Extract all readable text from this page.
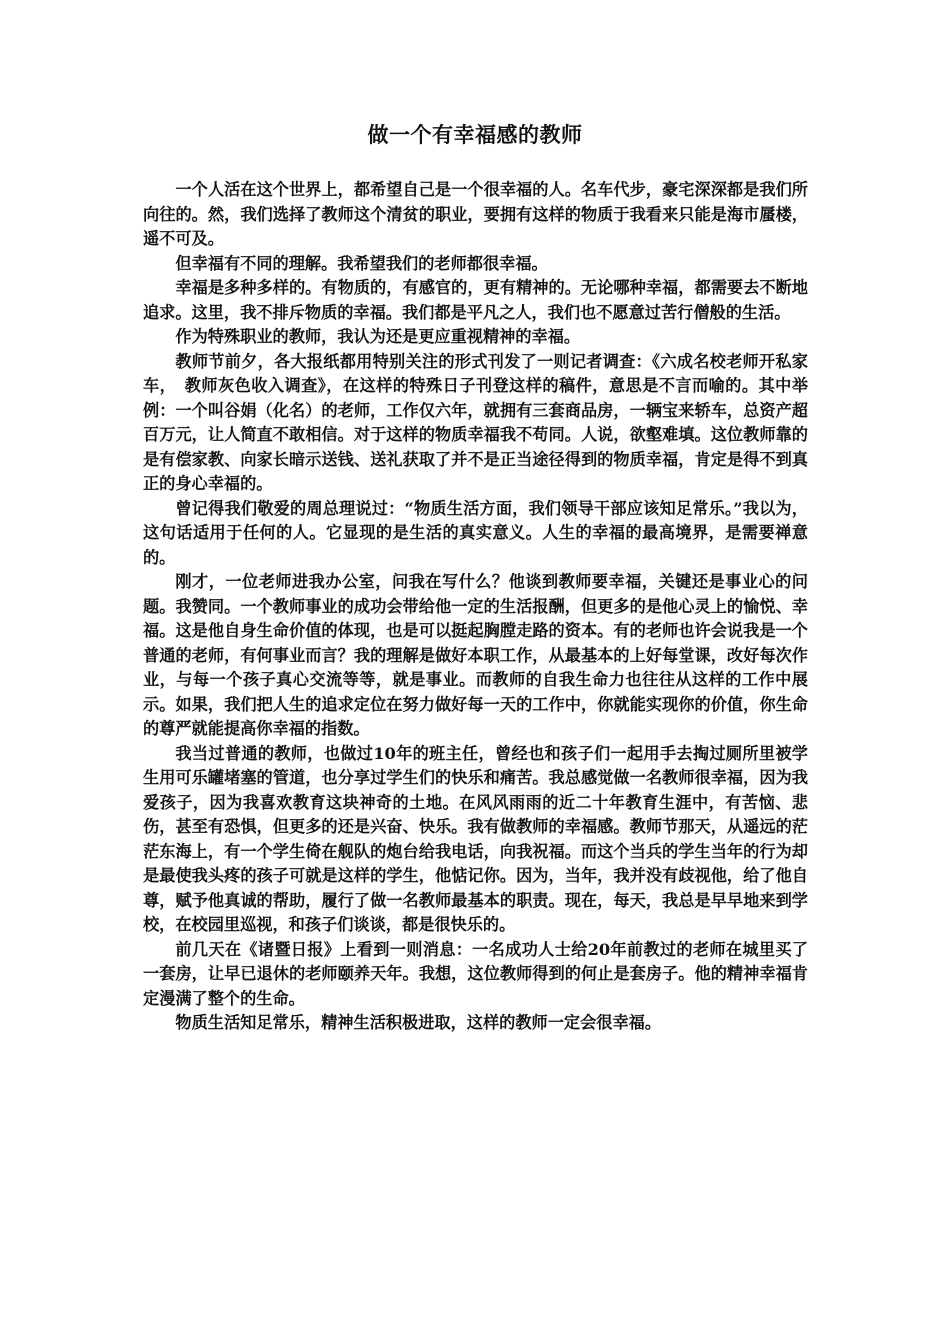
做一个有幸福感的教师

一个人活在这个世界上，都希望自己是一个很幸福的人。名车代步，豪宅深深都是我们所向往的。然，我们选择了教师这个清贫的职业，要拥有这样的物质于我看来只能是海市蜃楼，遥不可及。

但幸福有不同的理解。我希望我们的老师都很幸福。

幸福是多种多样的。有物质的，有感官的，更有精神的。无论哪种幸福，都需要去不断地追求。这里，我不排斥物质的幸福。我们都是平凡之人，我们也不愿意过苦行僧般的生活。

作为特殊职业的教师，我认为还是更应重视精神的幸福。

教师节前夕，各大报纸都用特别关注的形式刊发了一则记者调查：《六成名校老师开私家车，　教师灰色收入调查》，在这样的特殊日子刊登这样的稿件，意思是不言而喻的。其中举例：一个叫谷娟（化名）的老师，工作仅六年，就拥有三套商品房，一辆宝来轿车，总资产超百万元，让人简直不敢相信。对于这样的物质幸福我不苟同。人说，欲壑难填。这位教师靠的是有偿家教、向家长暗示送钱、送礼获取了并不是正当途径得到的物质幸福，肯定是得不到真正的身心幸福的。

曾记得我们敬爱的周总理说过：“物质生活方面，我们领导干部应该知足常乐。”我以为，这句话适用于任何的人。它显现的是生活的真实意义。人生的幸福的最高境界，是需要禅意的。

刚才，一位老师进我办公室，问我在写什么？他谈到教师要幸福，关键还是事业心的问题。我赞同。一个教师事业的成功会带给他一定的生活报酬，但更多的是他心灵上的愉悦、幸福。这是他自身生命价值的体现，也是可以挺起胸膛走路的资本。有的老师也许会说我是一个普通的老师，有何事业而言？我的理解是做好本职工作，从最基本的上好每堂课，改好每次作业，与每一个孩子真心交流等等，就是事业。而教师的自我生命力也往往从这样的工作中展示。如果，我们把人生的追求定位在努力做好每一天的工作中，你就能实现你的价值，你生命的尊严就能提高你幸福的指数。

我当过普通的教师，也做过10年的班主任，曾经也和孩子们一起用手去掏过厕所里被学生用可乐罐堵塞的管道，也分享过学生们的快乐和痛苦。我总感觉做一名教师很幸福，因为我爱孩子，因为我喜欢教育这块神奇的土地。在风风雨雨的近二十年教育生涯中，有苦恼、悲伤，甚至有恐惧，但更多的还是兴奋、快乐。我有做教师的幸福感。教师节那天，从遥远的茫茫东海上，有一个学生倚在舰队的炮台给我电话，向我祝福。而这个当兵的学生当年的行为却是最使我头疼的孩子可就是这样的学生，他惦记你。因为，当年，我并没有歧视他，给了他自尊，赋予他真诚的帮助，履行了做一名教师最基本的职责。现在，每天，我总是早早地来到学校，在校园里巡视，和孩子们谈谈，都是很快乐的。

前几天在《诸暨日报》上看到一则消息：一名成功人士给20年前教过的老师在城里买了一套房，让早已退休的老师颐养天年。我想，这位教师得到的何止是套房子。他的精神幸福肯定漫满了整个的生命。

物质生活知足常乐，精神生活积极进取，这样的教师一定会很幸福。
